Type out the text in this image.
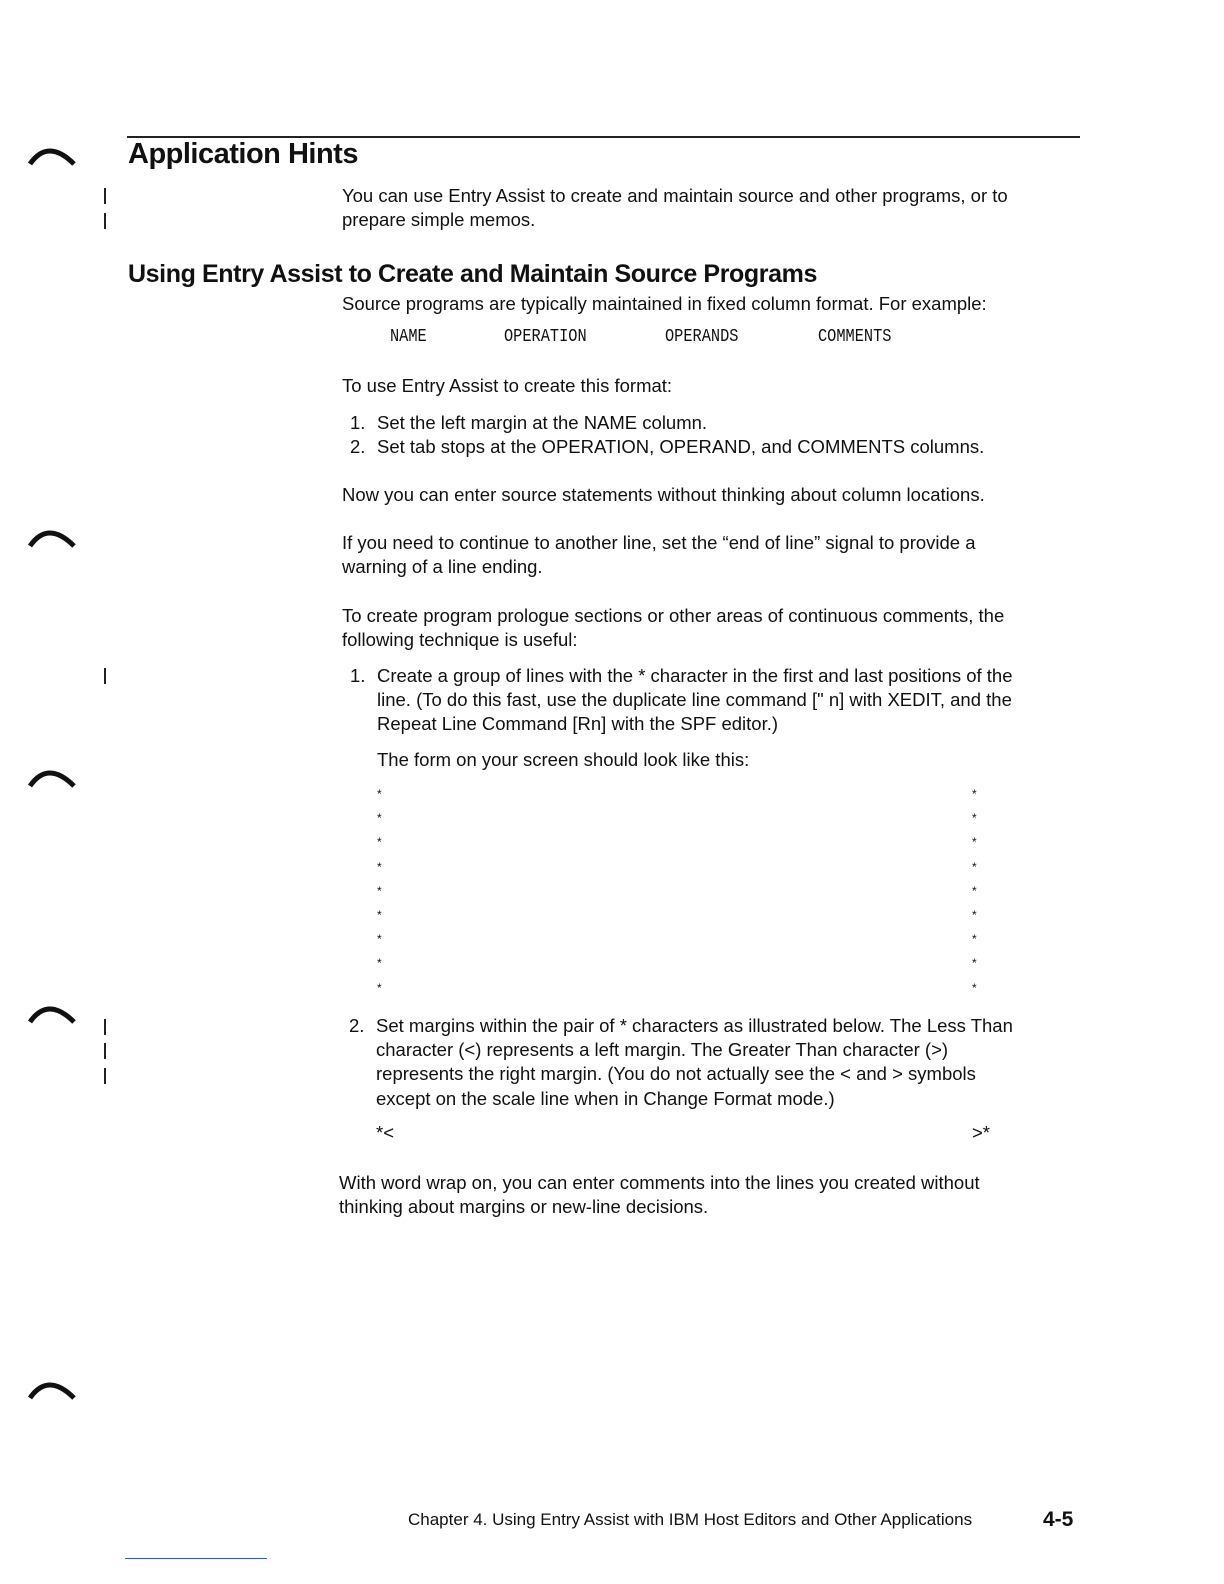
Application Hints

You can use Entry Assist to create and maintain source and other programs, or to

prepare simple memos.

Using Entry Assist to Create and Maintain Source Programs

Source programs are typically maintained in fixed column format. For example:

NAME	OPERATION	OPERANDS	COMMENTS

To use Entry Assist to create this format:

1. Set the left margin at the NAME column.

2. Set tab stops at the OPERATION, OPERAND, and COMMENTS columns.

Now you can enter source statements without thinking about column locations.

If you need to continue to another line, set the “end of line” signal to provide a

warning of a line ending.

To create program prologue sections or other areas of continuous comments, the

following technique is useful:

1. Create a group of lines with the * character in the first and last positions of the

line. (To do this fast, use the duplicate line command [" n] with XEDIT, and the

Repeat Line Command [Rn] with the SPF editor.)

The form on your screen should look like this:

*	*
*	*
*	*
*	*
*	*
*	*
*	*
*	*
*	*
2. Set margins within the pair of * characters as illustrated below. The Less Than

character (<) represents a left margin. The Greater Than character (>)

represents the right margin. (You do not actually see the < and > symbols

except on the scale line when in Change Format mode.)

*<	>*

With word wrap on, you can enter comments into the lines you created without

thinking about margins or new-line decisions.

Chapter 4. Using Entry Assist with IBM Host Editors and Other Applications	4-5
